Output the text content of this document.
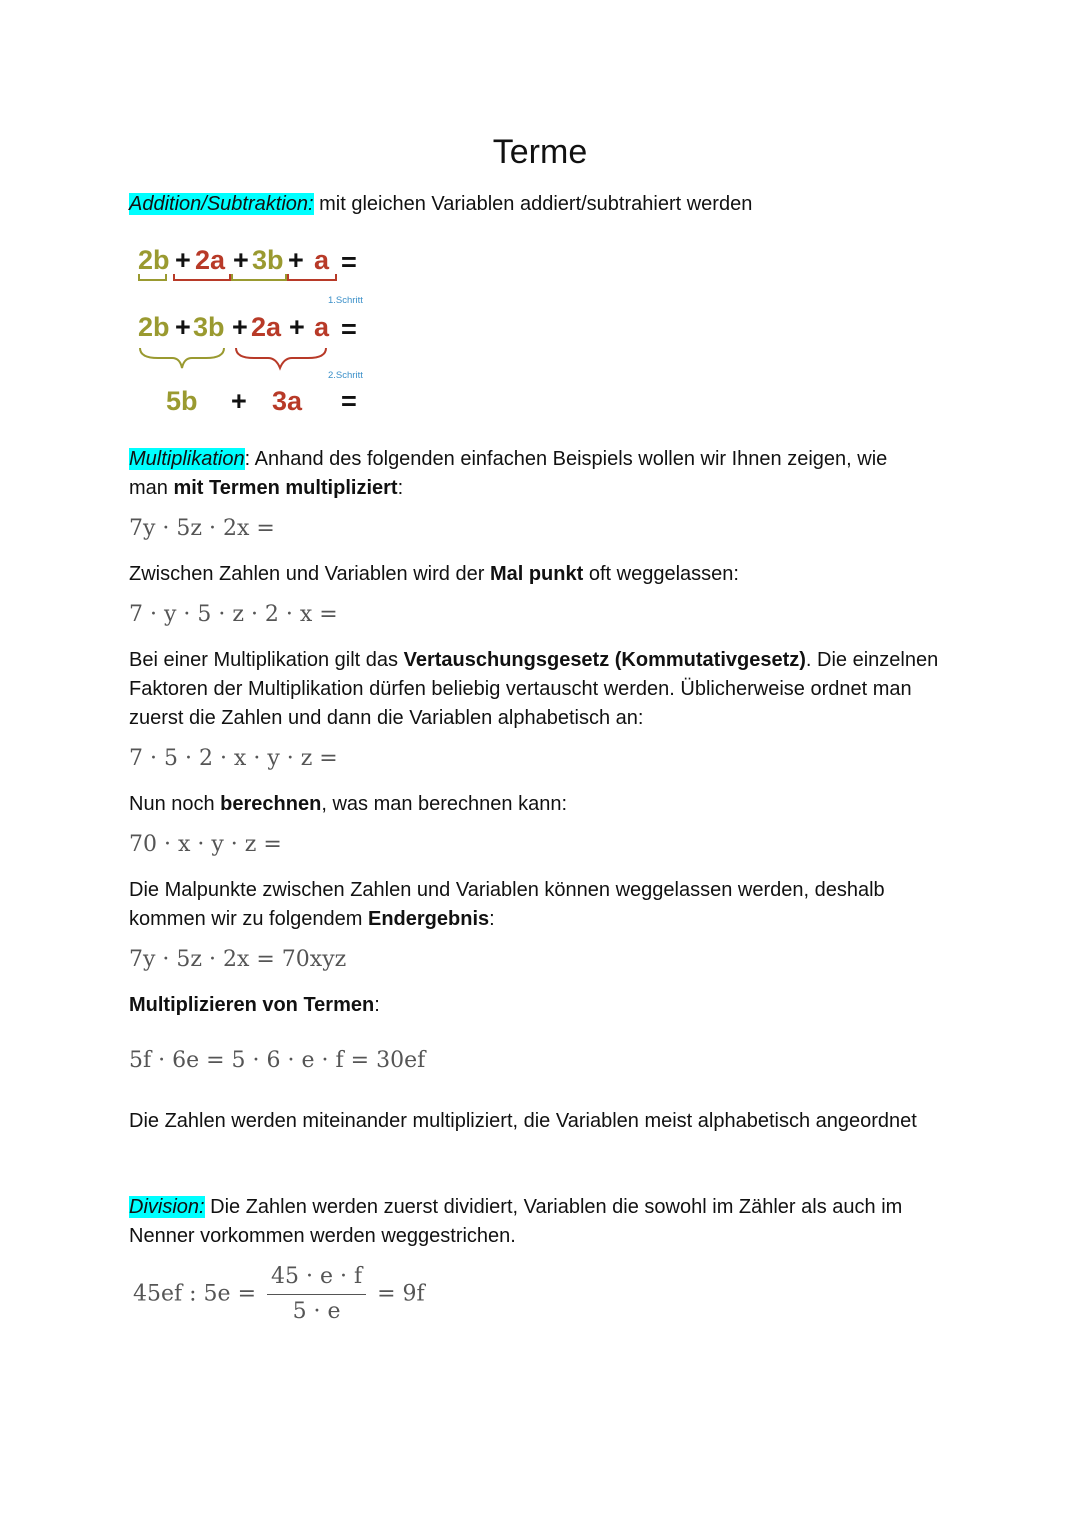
Terme
Addition/Subtraktion: mit gleichen Variablen addiert/subtrahiert werden
2b + 2a + 3b + a =
1.Schritt
2b + 3b + 2a + a =
2.Schritt
5b + 3a =
Multiplikation: Anhand des folgenden einfachen Beispiels wollen wir Ihnen zeigen, wie
man mit Termen multipliziert:
7y · 5z · 2x =
Zwischen Zahlen und Variablen wird der Mal punkt oft weggelassen:
7 · y · 5 · z · 2 · x =
Bei einer Multiplikation gilt das Vertauschungsgesetz (Kommutativgesetz). Die einzelnen
Faktoren der Multiplikation dürfen beliebig vertauscht werden. Üblicherweise ordnet man
zuerst die Zahlen und dann die Variablen alphabetisch an:
7 · 5 · 2 · x · y · z =
Nun noch berechnen, was man berechnen kann:
70 · x · y · z =
Die Malpunkte zwischen Zahlen und Variablen können weggelassen werden, deshalb
kommen wir zu folgendem Endergebnis:
7y · 5z · 2x = 70xyz
Multiplizieren von Termen:
5f · 6e = 5 · 6 · e · f = 30ef
Die Zahlen werden miteinander multipliziert, die Variablen meist alphabetisch angeordnet
Division: Die Zahlen werden zuerst dividiert, Variablen die sowohl im Zähler als auch im
Nenner vorkommen werden weggestrichen.
45ef : $5e = \frac{45 \cdot e \cdot f}{5 \cdot e} = 9f$
